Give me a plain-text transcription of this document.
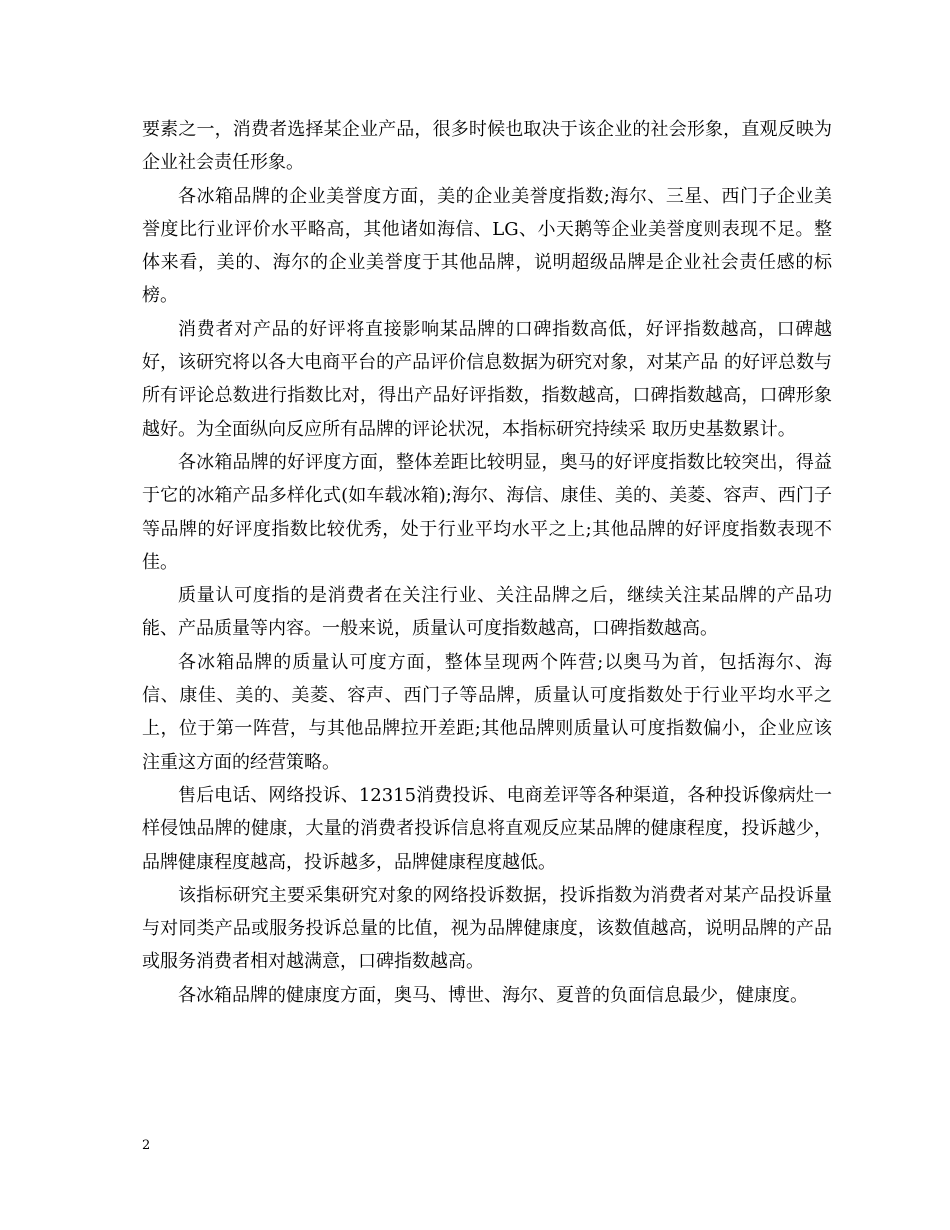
要素之一，消费者选择某企业产品，很多时候也取决于该企业的社会形象，直观反映为企业社会责任形象。

各冰箱品牌的企业美誉度方面，美的企业美誉度指数;海尔、三星、西门子企业美誉度比行业评价水平略高，其他诸如海信、LG、小天鹅等企业美誉度则表现不足。整体来看，美的、海尔的企业美誉度于其他品牌，说明超级品牌是企业社会责任感的标榜。

消费者对产品的好评将直接影响某品牌的口碑指数高低，好评指数越高，口碑越好，该研究将以各大电商平台的产品评价信息数据为研究对象，对某产品 的好评总数与所有评论总数进行指数比对，得出产品好评指数，指数越高，口碑指数越高，口碑形象越好。为全面纵向反应所有品牌的评论状况，本指标研究持续采 取历史基数累计。

各冰箱品牌的好评度方面，整体差距比较明显，奥马的好评度指数比较突出，得益于它的冰箱产品多样化式(如车载冰箱);海尔、海信、康佳、美的、美菱、容声、西门子等品牌的好评度指数比较优秀，处于行业平均水平之上;其他品牌的好评度指数表现不佳。

质量认可度指的是消费者在关注行业、关注品牌之后，继续关注某品牌的产品功能、产品质量等内容。一般来说，质量认可度指数越高，口碑指数越高。

各冰箱品牌的质量认可度方面，整体呈现两个阵营;以奥马为首，包括海尔、海信、康佳、美的、美菱、容声、西门子等品牌，质量认可度指数处于行业平均水平之上，位于第一阵营，与其他品牌拉开差距;其他品牌则质量认可度指数偏小，企业应该注重这方面的经营策略。

售后电话、网络投诉、12315消费投诉、电商差评等各种渠道，各种投诉像病灶一样侵蚀品牌的健康，大量的消费者投诉信息将直观反应某品牌的健康程度，投诉越少，品牌健康程度越高，投诉越多，品牌健康程度越低。

该指标研究主要采集研究对象的网络投诉数据，投诉指数为消费者对某产品投诉量与对同类产品或服务投诉总量的比值，视为品牌健康度，该数值越高，说明品牌的产品或服务消费者相对越满意，口碑指数越高。

各冰箱品牌的健康度方面，奥马、博世、海尔、夏普的负面信息最少，健康度。

2
